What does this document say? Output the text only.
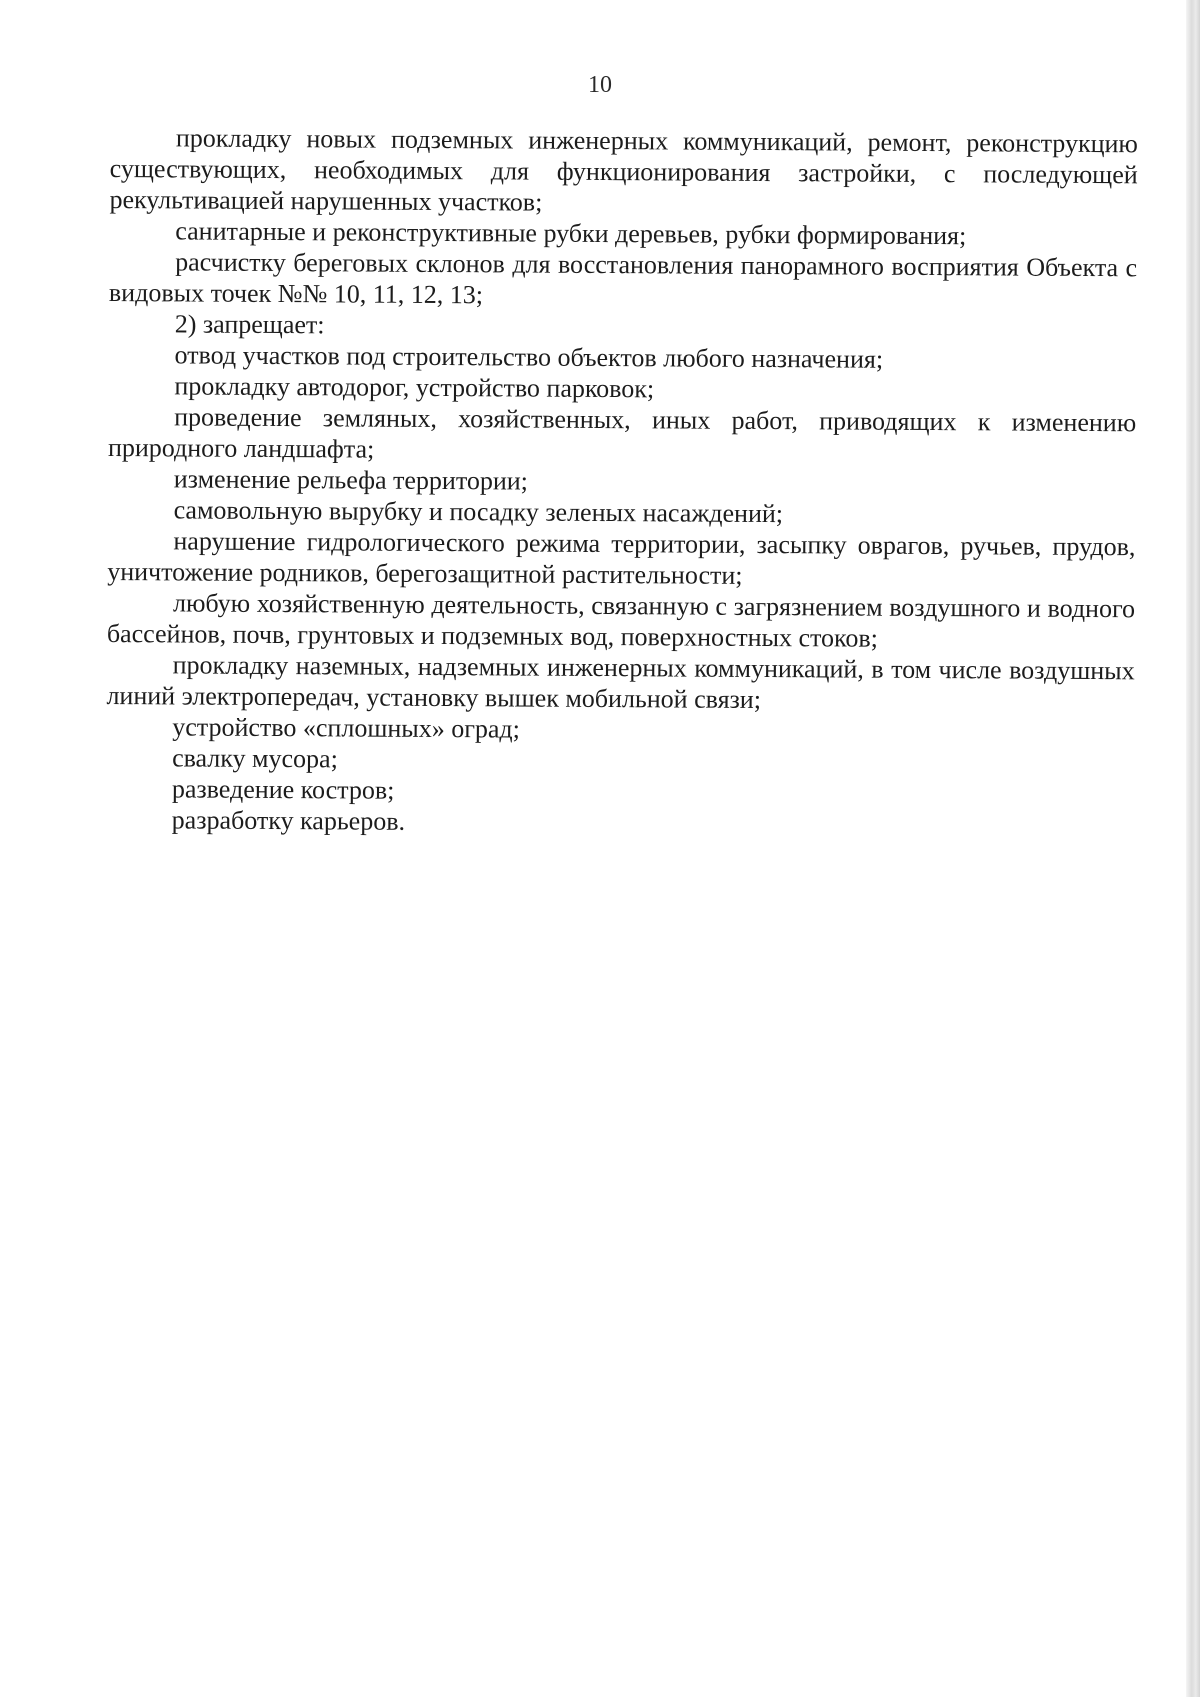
10

прокладку новых подземных инженерных коммуникаций, ремонт, реконструкцию существующих, необходимых для функционирования застройки, с последующей рекультивацией нарушенных участков;

санитарные и реконструктивные рубки деревьев, рубки формирования;

расчистку береговых склонов для восстановления панорамного восприятия Объекта с видовых точек №№ 10, 11, 12, 13;

2) запрещает:

отвод участков под строительство объектов любого назначения;

прокладку автодорог, устройство парковок;

проведение земляных, хозяйственных, иных работ, приводящих к изменению природного ландшафта;

изменение рельефа территории;

самовольную вырубку и посадку зеленых насаждений;

нарушение гидрологического режима территории, засыпку оврагов, ручьев, прудов, уничтожение родников, берегозащитной растительности;

любую хозяйственную деятельность, связанную с загрязнением воздушного и водного бассейнов, почв, грунтовых и подземных вод, поверхностных стоков;

прокладку наземных, надземных инженерных коммуникаций, в том числе воздушных линий электропередач, установку вышек мобильной связи;

устройство «сплошных» оград;

свалку мусора;

разведение костров;

разработку карьеров.
